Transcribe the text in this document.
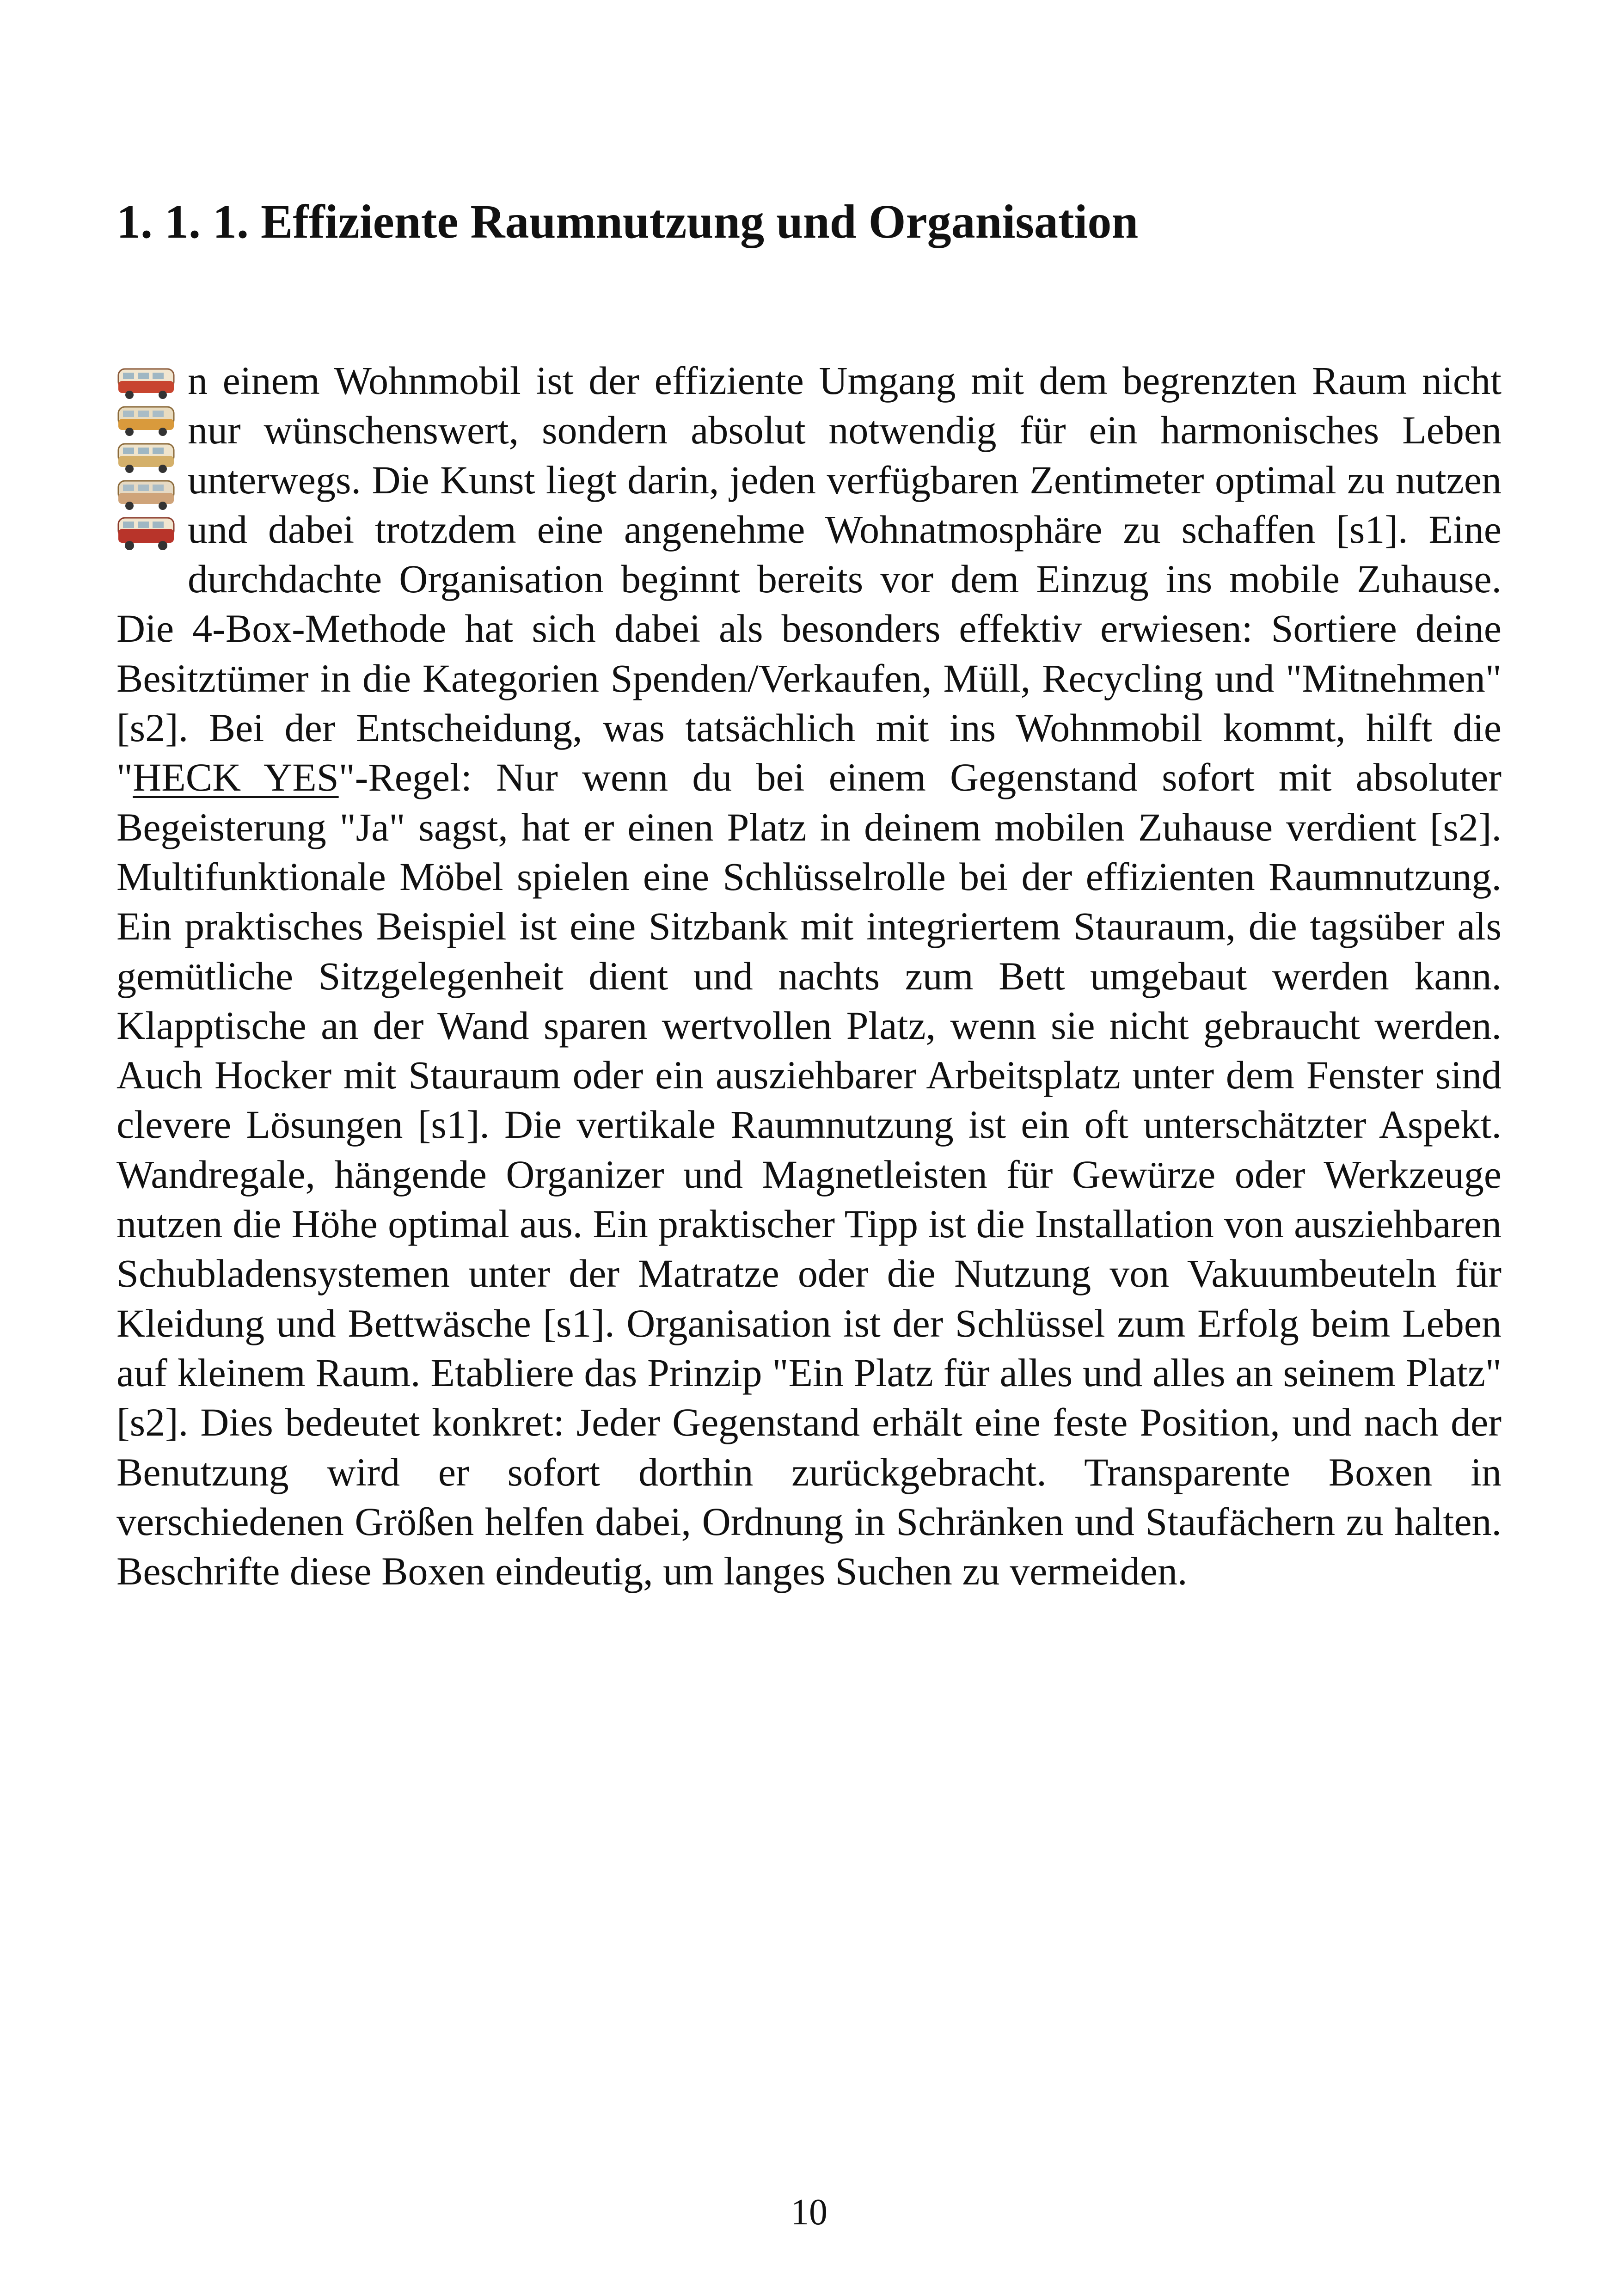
1. 1. 1. Effiziente Raumnutzung und Organisation
n einem Wohnmobil ist der effiziente Umgang mit dem begrenzten Raum nicht nur wünschenswert, sondern absolut notwendig für ein harmonisches Leben unterwegs. Die Kunst liegt darin, jeden verfügbaren Zentimeter optimal zu nutzen und dabei trotzdem eine angenehme Wohnatmosphäre zu schaffen [s1]. Eine durchdachte Organisation beginnt bereits vor dem Einzug ins mobile Zuhause. Die 4-Box-Methode hat sich dabei als besonders effektiv erwiesen: Sortiere deine Besitztümer in die Kategorien Spenden/Verkaufen, Müll, Recycling und "Mitnehmen" [s2]. Bei der Entscheidung, was tatsächlich mit ins Wohnmobil kommt, hilft die "HECK YES"-Regel: Nur wenn du bei einem Gegenstand sofort mit absoluter Begeisterung "Ja" sagst, hat er einen Platz in deinem mobilen Zuhause verdient [s2]. Multifunktionale Möbel spielen eine Schlüsselrolle bei der effizienten Raumnutzung. Ein praktisches Beispiel ist eine Sitzbank mit integriertem Stauraum, die tagsüber als gemütliche Sitzgelegenheit dient und nachts zum Bett umgebaut werden kann. Klapptische an der Wand sparen wertvollen Platz, wenn sie nicht gebraucht werden. Auch Hocker mit Stauraum oder ein ausziehbarer Arbeitsplatz unter dem Fenster sind clevere Lösungen [s1]. Die vertikale Raumnutzung ist ein oft unterschätzter Aspekt. Wandregale, hängende Organizer und Magnetleisten für Gewürze oder Werkzeuge nutzen die Höhe optimal aus. Ein praktischer Tipp ist die Installation von ausziehbaren Schubladensystemen unter der Matratze oder die Nutzung von Vakuumbeuteln für Kleidung und Bettwäsche [s1]. Organisation ist der Schlüssel zum Erfolg beim Leben auf kleinem Raum. Etabliere das Prinzip "Ein Platz für alles und alles an seinem Platz" [s2]. Dies bedeutet konkret: Jeder Gegenstand erhält eine feste Position, und nach der Benutzung wird er sofort dorthin zurückgebracht. Transparente Boxen in verschiedenen Größen helfen dabei, Ordnung in Schränken und Staufächern zu halten. Beschrifte diese Boxen eindeutig, um langes Suchen zu vermeiden.
10
